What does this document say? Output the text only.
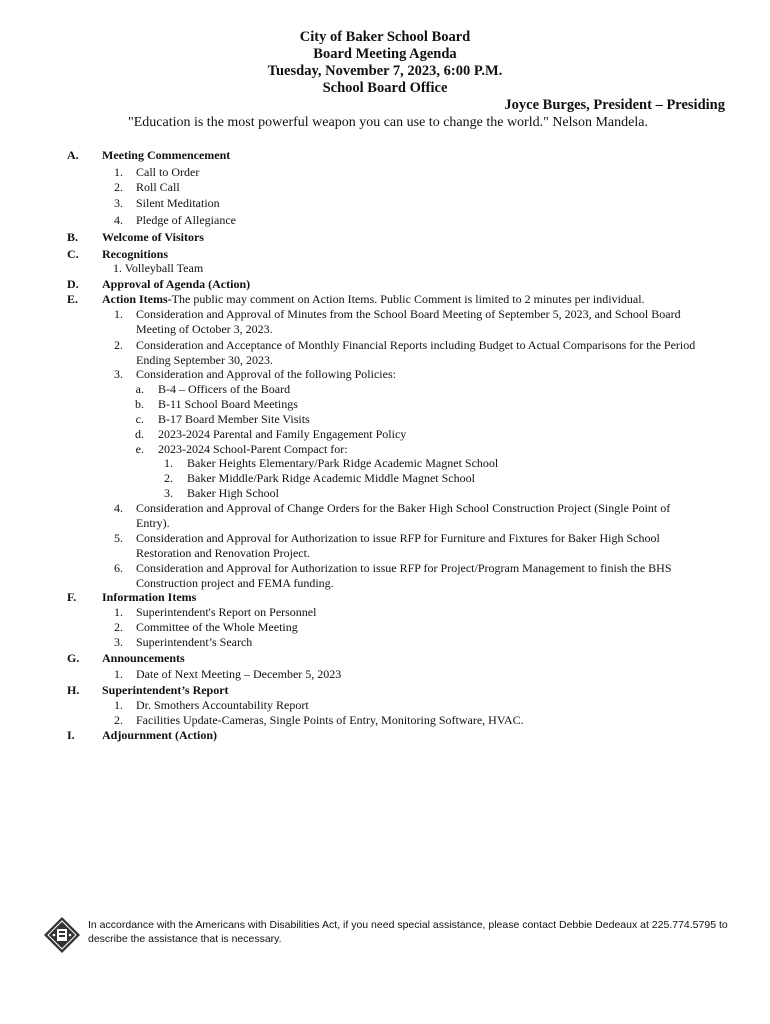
City of Baker School Board
Board Meeting Agenda
Tuesday, November 7, 2023, 6:00 P.M.
School Board Office
Joyce Burges, President – Presiding
"Education is the most powerful weapon you can use to change the world." Nelson Mandela.
A. Meeting Commencement
1. Call to Order
2. Roll Call
3. Silent Meditation
4. Pledge of Allegiance
B. Welcome of Visitors
C. Recognitions
1. Volleyball Team
D. Approval of Agenda (Action)
E. Action Items-The public may comment on Action Items. Public Comment is limited to 2 minutes per individual.
1. Consideration and Approval of Minutes from the School Board Meeting of September 5, 2023, and School Board
Meeting of October 3, 2023.
2. Consideration and Acceptance of Monthly Financial Reports including Budget to Actual Comparisons for the Period
Ending September 30, 2023.
3. Consideration and Approval of the following Policies:
a. B-4 – Officers of the Board
b. B-11 School Board Meetings
c. B-17 Board Member Site Visits
d. 2023-2024 Parental and Family Engagement Policy
e. 2023-2024 School-Parent Compact for:
1. Baker Heights Elementary/Park Ridge Academic Magnet School
2. Baker Middle/Park Ridge Academic Middle Magnet School
3. Baker High School
4. Consideration and Approval of Change Orders for the Baker High School Construction Project (Single Point of
Entry).
5. Consideration and Approval for Authorization to issue RFP for Furniture and Fixtures for Baker High School
Restoration and Renovation Project.
6. Consideration and Approval for Authorization to issue RFP for Project/Program Management to finish the BHS
Construction project and FEMA funding.
F. Information Items
1. Superintendent's Report on Personnel
2. Committee of the Whole Meeting
3. Superintendent’s Search
G. Announcements
1. Date of Next Meeting – December 5, 2023
H. Superintendent’s Report
1. Dr. Smothers Accountability Report
2. Facilities Update-Cameras, Single Points of Entry, Monitoring Software, HVAC.
I. Adjournment (Action)
In accordance with the Americans with Disabilities Act, if you need special assistance, please contact Debbie Dedeaux at 225.774.5795 to
describe the assistance that is necessary.
